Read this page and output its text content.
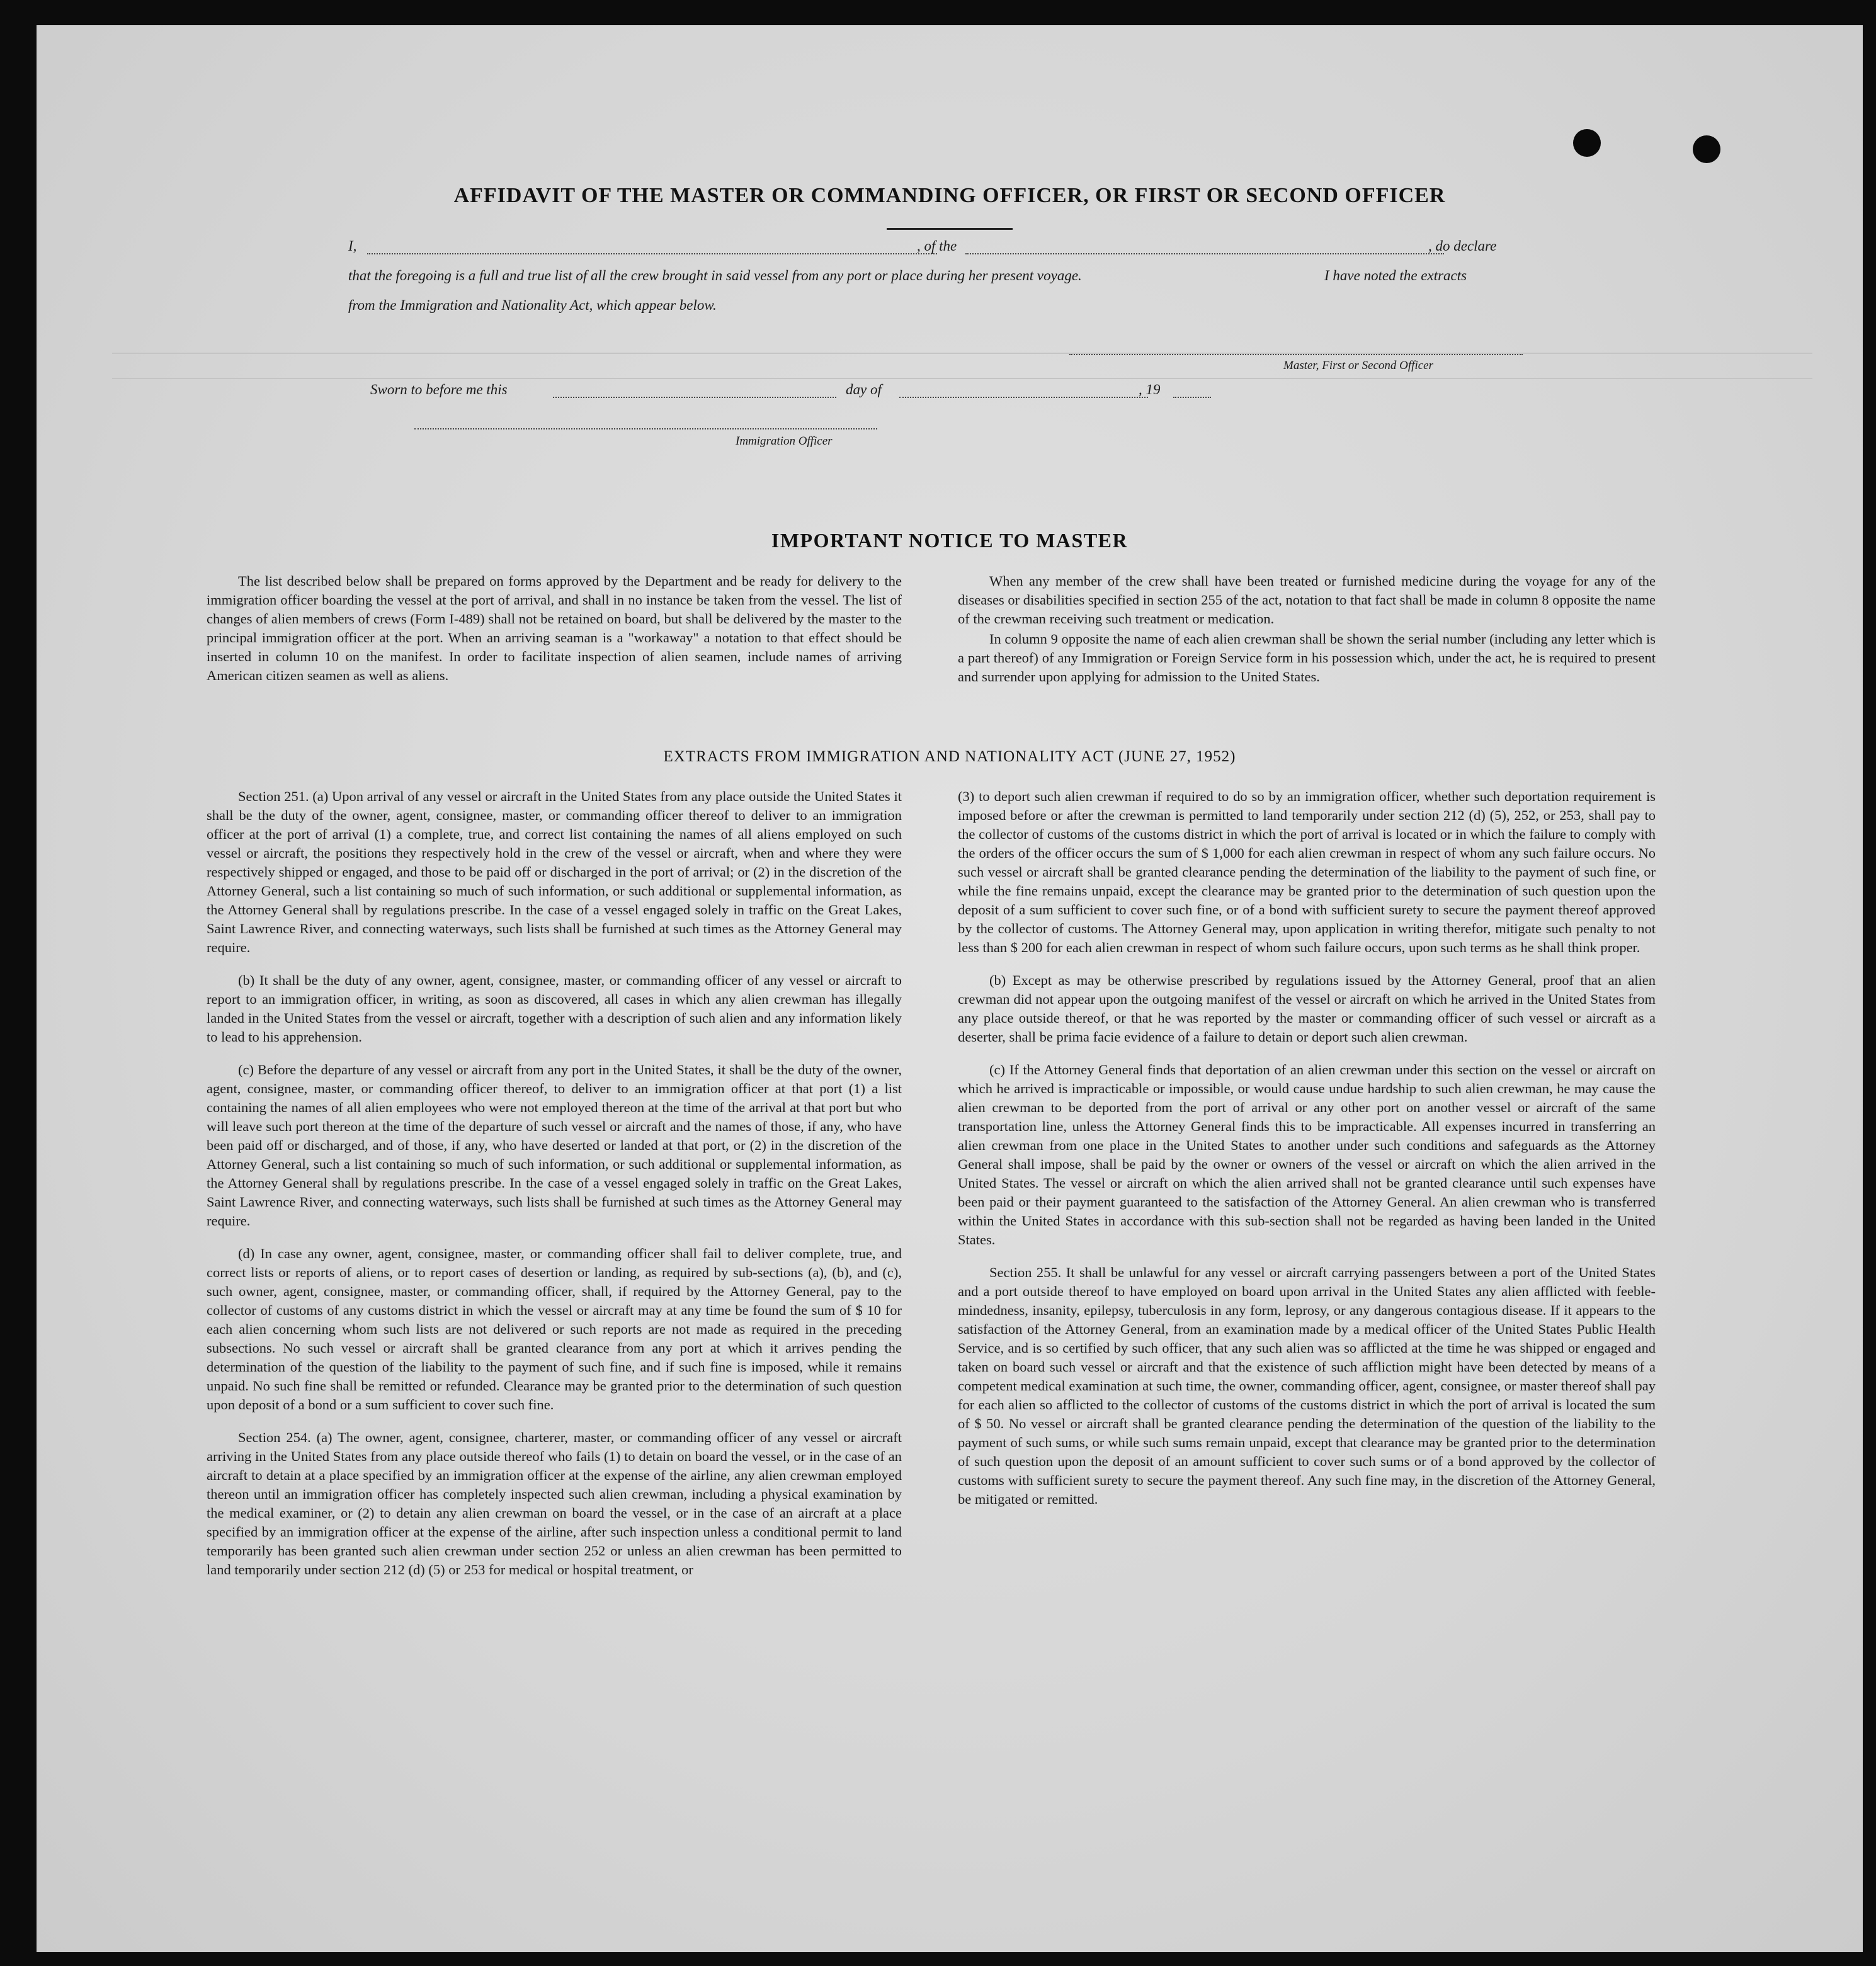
AFFIDAVIT OF THE MASTER OR COMMANDING OFFICER, OR FIRST OR SECOND OFFICER
I,	, of the	, do declare
that the foregoing is a full and true list of all the crew brought in said vessel from any port or place during her present voyage.	I have noted the extracts
from the Immigration and Nationality Act, which appear below.
Master, First or Second Officer
Sworn to before me this	day of	, 19
Immigration Officer
IMPORTANT NOTICE TO MASTER

The list described below shall be prepared on forms approved by the Department and be ready for delivery to the immigration officer boarding the vessel at the port of arrival, and shall in no instance be taken from the vessel. The list of changes of alien members of crews (Form I-489) shall not be retained on board, but shall be delivered by the master to the principal immigration officer at the port. When an arriving seaman is a "workaway" a notation to that effect should be inserted in column 10 on the manifest. In order to facilitate inspection of alien seamen, include names of arriving American citizen seamen as well as aliens.

When any member of the crew shall have been treated or furnished medicine during the voyage for any of the diseases or disabilities specified in section 255 of the act, notation to that fact shall be made in column 8 opposite the name of the crewman receiving such treatment or medication.

In column 9 opposite the name of each alien crewman shall be shown the serial number (including any letter which is a part thereof) of any Immigration or Foreign Service form in his possession which, under the act, he is required to present and surrender upon applying for admission to the United States.

EXTRACTS FROM IMMIGRATION AND NATIONALITY ACT (JUNE 27, 1952)

Section 251. (a) Upon arrival of any vessel or aircraft in the United States from any place outside the United States it shall be the duty of the owner, agent, consignee, master, or commanding officer thereof to deliver to an immigration officer at the port of arrival (1) a complete, true, and correct list containing the names of all aliens employed on such vessel or aircraft, the positions they respectively hold in the crew of the vessel or aircraft, when and where they were respectively shipped or engaged, and those to be paid off or discharged in the port of arrival; or (2) in the discretion of the Attorney General, such a list containing so much of such information, or such additional or supplemental information, as the Attorney General shall by regulations prescribe. In the case of a vessel engaged solely in traffic on the Great Lakes, Saint Lawrence River, and connecting waterways, such lists shall be furnished at such times as the Attorney General may require.

(b) It shall be the duty of any owner, agent, consignee, master, or commanding officer of any vessel or aircraft to report to an immigration officer, in writing, as soon as discovered, all cases in which any alien crewman has illegally landed in the United States from the vessel or aircraft, together with a description of such alien and any information likely to lead to his apprehension.

(c) Before the departure of any vessel or aircraft from any port in the United States, it shall be the duty of the owner, agent, consignee, master, or commanding officer thereof, to deliver to an immigration officer at that port (1) a list containing the names of all alien employees who were not employed thereon at the time of the arrival at that port but who will leave such port thereon at the time of the departure of such vessel or aircraft and the names of those, if any, who have been paid off or discharged, and of those, if any, who have deserted or landed at that port, or (2) in the discretion of the Attorney General, such a list containing so much of such information, or such additional or supplemental information, as the Attorney General shall by regulations prescribe. In the case of a vessel engaged solely in traffic on the Great Lakes, Saint Lawrence River, and connecting waterways, such lists shall be furnished at such times as the Attorney General may require.

(d) In case any owner, agent, consignee, master, or commanding officer shall fail to deliver complete, true, and correct lists or reports of aliens, or to report cases of desertion or landing, as required by sub-sections (a), (b), and (c), such owner, agent, consignee, master, or commanding officer, shall, if required by the Attorney General, pay to the collector of customs of any customs district in which the vessel or aircraft may at any time be found the sum of $ 10 for each alien concerning whom such lists are not delivered or such reports are not made as required in the preceding subsections. No such vessel or aircraft shall be granted clearance from any port at which it arrives pending the determination of the question of the liability to the payment of such fine, and if such fine is imposed, while it remains unpaid. No such fine shall be remitted or refunded. Clearance may be granted prior to the determination of such question upon deposit of a bond or a sum sufficient to cover such fine.

Section 254. (a) The owner, agent, consignee, charterer, master, or commanding officer of any vessel or aircraft arriving in the United States from any place outside thereof who fails (1) to detain on board the vessel, or in the case of an aircraft to detain at a place specified by an immigration officer at the expense of the airline, any alien crewman employed thereon until an immigration officer has completely inspected such alien crewman, including a physical examination by the medical examiner, or (2) to detain any alien crewman on board the vessel, or in the case of an aircraft at a place specified by an immigration officer at the expense of the airline, after such inspection unless a conditional permit to land temporarily has been granted such alien crewman under section 252 or unless an alien crewman has been permitted to land temporarily under section 212 (d) (5) or 253 for medical or hospital treatment, or

(3) to deport such alien crewman if required to do so by an immigration officer, whether such deportation requirement is imposed before or after the crewman is permitted to land temporarily under section 212 (d) (5), 252, or 253, shall pay to the collector of customs of the customs district in which the port of arrival is located or in which the failure to comply with the orders of the officer occurs the sum of $ 1,000 for each alien crewman in respect of whom any such failure occurs. No such vessel or aircraft shall be granted clearance pending the determination of the liability to the payment of such fine, or while the fine remains unpaid, except the clearance may be granted prior to the determination of such question upon the deposit of a sum sufficient to cover such fine, or of a bond with sufficient surety to secure the payment thereof approved by the collector of customs. The Attorney General may, upon application in writing therefor, mitigate such penalty to not less than $ 200 for each alien crewman in respect of whom such failure occurs, upon such terms as he shall think proper.

(b) Except as may be otherwise prescribed by regulations issued by the Attorney General, proof that an alien crewman did not appear upon the outgoing manifest of the vessel or aircraft on which he arrived in the United States from any place outside thereof, or that he was reported by the master or commanding officer of such vessel or aircraft as a deserter, shall be prima facie evidence of a failure to detain or deport such alien crewman.

(c) If the Attorney General finds that deportation of an alien crewman under this section on the vessel or aircraft on which he arrived is impracticable or impossible, or would cause undue hardship to such alien crewman, he may cause the alien crewman to be deported from the port of arrival or any other port on another vessel or aircraft of the same transportation line, unless the Attorney General finds this to be impracticable. All expenses incurred in transferring an alien crewman from one place in the United States to another under such conditions and safeguards as the Attorney General shall impose, shall be paid by the owner or owners of the vessel or aircraft on which the alien arrived in the United States. The vessel or aircraft on which the alien arrived shall not be granted clearance until such expenses have been paid or their payment guaranteed to the satisfaction of the Attorney General. An alien crewman who is transferred within the United States in accordance with this sub-section shall not be regarded as having been landed in the United States.

Section 255. It shall be unlawful for any vessel or aircraft carrying passengers between a port of the United States and a port outside thereof to have employed on board upon arrival in the United States any alien afflicted with feeble-mindedness, insanity, epilepsy, tuberculosis in any form, leprosy, or any dangerous contagious disease. If it appears to the satisfaction of the Attorney General, from an examination made by a medical officer of the United States Public Health Service, and is so certified by such officer, that any such alien was so afflicted at the time he was shipped or engaged and taken on board such vessel or aircraft and that the existence of such affliction might have been detected by means of a competent medical examination at such time, the owner, commanding officer, agent, consignee, or master thereof shall pay for each alien so afflicted to the collector of customs of the customs district in which the port of arrival is located the sum of $ 50. No vessel or aircraft shall be granted clearance pending the determination of the question of the liability to the payment of such sums, or while such sums remain unpaid, except that clearance may be granted prior to the determination of such question upon the deposit of an amount sufficient to cover such sums or of a bond approved by the collector of customs with sufficient surety to secure the payment thereof. Any such fine may, in the discretion of the Attorney General, be mitigated or remitted.
